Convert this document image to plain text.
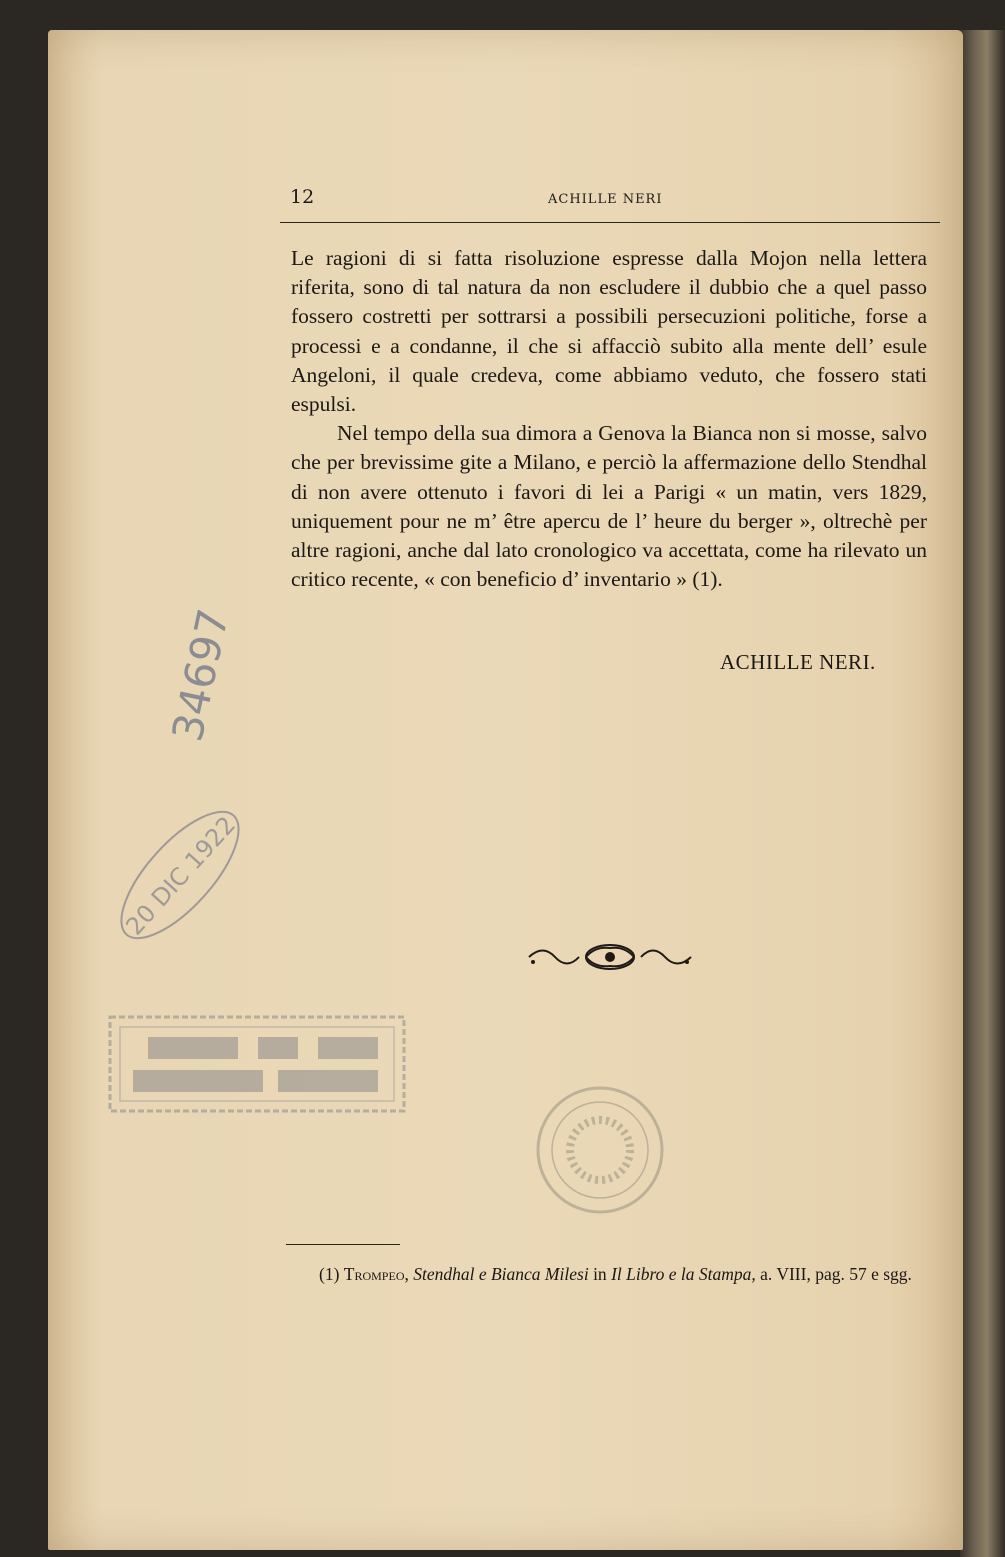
12	ACHILLE NERI

Le ragioni di si fatta risoluzione espresse dalla Mojon nella lettera riferita, sono di tal natura da non escludere il dubbio che a quel passo fossero costretti per sottrarsi a possibili persecuzioni politiche, forse a processi e a condanne, il che si affacciò subito alla mente dell’ esule Angeloni, il quale credeva, come abbiamo veduto, che fossero stati espulsi.

Nel tempo della sua dimora a Genova la Bianca non si mosse, salvo che per brevissime gite a Milano, e perciò la affermazione dello Stendhal di non avere ottenuto i favori di lei a Parigi « un matin, vers 1829, uniquement pour ne m’ être apercu de l’ heure du berger », oltrechè per altre ragioni, anche dal lato cronologico va accettata, come ha rilevato un critico recente, « con beneficio d’ inventario » (1).

ACHILLE NERI.
34697
20 DIC 1922
(1) Trompeo, Stendhal e Bianca Milesi in Il Libro e la Stampa, a. VIII, pag. 57 e sgg.
